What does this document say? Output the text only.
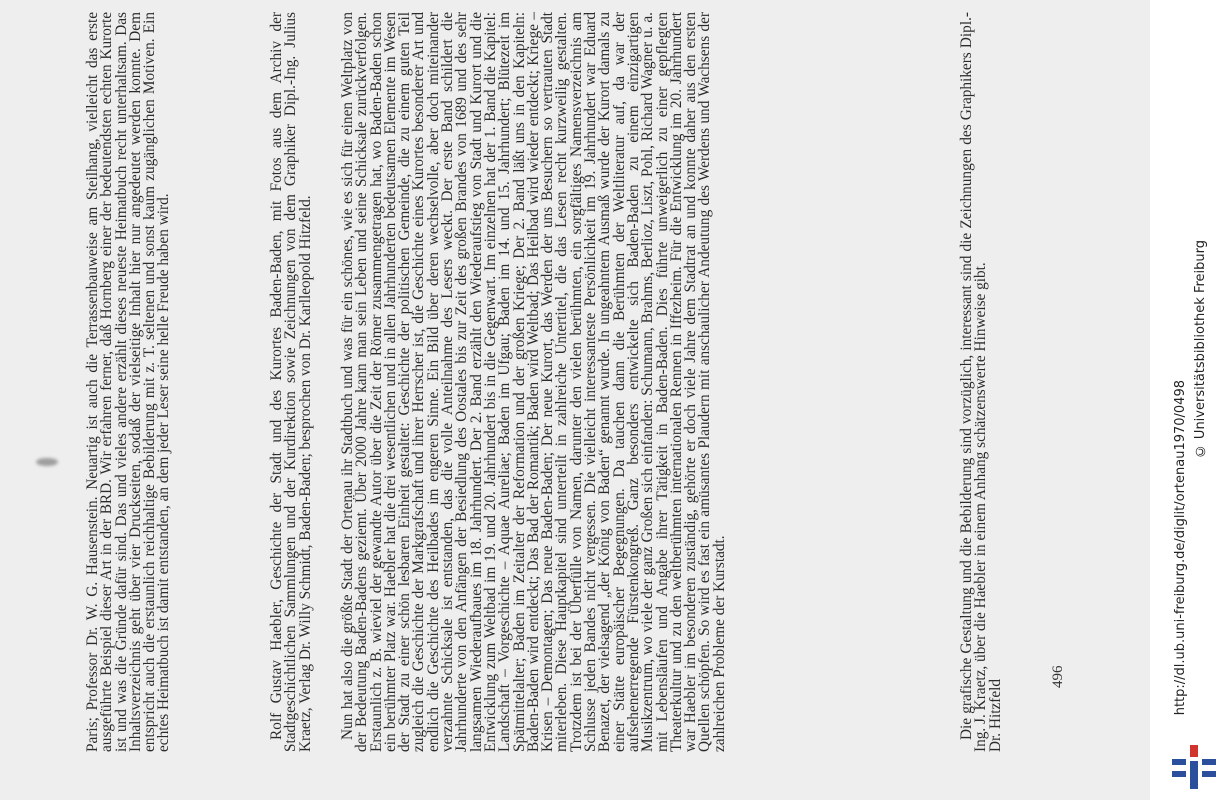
Paris; Professor Dr. W. G. Hausenstein. Neuartig ist auch die Terrassenbauweise am Steilhang, vielleicht das erste ausgeführte Beispiel dieser Art in der BRD. Wir erfahren ferner, daß Hornberg einer der bedeutendsten echten Kurorte ist und was die Gründe dafür sind. Das und vieles andere erzählt dieses neueste Heimatbuch recht unterhaltsam. Das Inhaltsverzeichnis geht über vier Druckseiten, sodaß der vielseitige Inhalt hier nur angedeutet werden konnte. Dem entspricht auch die erstaunlich reichhaltige Bebilderung mit z. T. seltenen und sonst kaum zugänglichen Motiven. Ein echtes Heimatbuch ist damit entstanden, an dem jeder Leser seine helle Freude haben wird.	Rolf Gustav Haebler, Geschichte der Stadt und des Kurortes Baden-Baden, mit Fotos aus dem Archiv der Stadtgeschichtlichen Sammlungen und der Kurdirektion sowie Zeichnungen von dem Graphiker Dipl.-Ing. Julius Kraetz, Verlag Dr. Willy Schmidt, Baden-Baden; besprochen von Dr. Karlleopold Hitzfeld. Nun hat also die größte Stadt der Ortenau ihr Stadtbuch und was für ein schönes, wie es sich für einen Weltplatz von der Bedeutung Baden-Badens geziemt. Über 2000 Jahre kann man sein Leben und seine Schicksale zurückverfolgen. Erstaunlich z. B. wieviel der gewandte Autor über die Zeit der Römer zusammengetragen hat, wo Baden-Baden schon ein berühmter Platz war. Haebler hat die drei wesentlichen und in allen Jahrhunderten bedeutsamen Elemente im Wesen der Stadt zu einer schön lesbaren Einheit gestaltet: Geschichte der politischen Gemeinde, die zu einem guten Teil zugleich die Geschichte der Markgrafschaft und ihrer Herrscher ist, die Geschichte eines Kurortes besonderer Art und endlich die Geschichte des Heilbades im engeren Sinne. Ein Bild über deren wechselvolle, aber doch miteinander verzahnte Schicksale ist entstanden, das die volle Anteilnahme des Lesers weckt. Der erste Band schildert die Jahrhunderte von den Anfängen der Besiedlung des Oostales bis zur Zeit des großen Brandes von 1689 und des sehr langsamen Wiederaufbaues im 18. Jahrhundert. Der 2. Band erzählt den Wiederaufstieg von Stadt und Kurort und die Entwicklung zum Weltbad im 19. und 20. Jahrhundert bis in die Gegenwart. Im einzelnen hat der 1. Band die Kapitel: Landschaft – Vorgeschichte – Aquae Aureliae; Baden im Ufgau; Baden im 14. und 15. Jahrhundert; Blütezeit im Spätmittelalter; Baden im Zeitalter der Reformation und der großen Kriege; Der 2. Band läßt uns in den Kapiteln: Baden-Baden wird entdeckt; Das Bad der Romantik; Baden wird Weltbad; Das Heilbad wird wieder entdeckt; Kriege – Krisen – Demontagen; Das neue Baden-Baden; Der neue Kurort, das Werden der uns Besuchern so vertrauten Stadt miterleben. Diese Hauptkapitel sind unterteilt in zahlreiche Untertitel, die das Lesen recht kurzweilig gestalten. Trotzdem ist bei der Überfülle von Namen, darunter den vielen berühmten, ein sorgfältiges Namensverzeichnis am Schlusse jeden Bandes nicht vergessen. Die vielleicht interessanteste Persönlichkeit im 19. Jahrhundert war Eduard Benazet, der vielsagend „der König von Baden“ genannt wurde. In ungeahntem Ausmaß wurde der Kurort damals zu einer Stätte europäischer Begegnungen. Da tauchen dann die Berühmten der Weltliteratur auf, da war der aufsehenerregende Fürstenkongreß. Ganz besonders entwickelte sich Baden-Baden zu einem einzigartigen Musikzentrum, wo viele der ganz Großen sich einfanden: Schumann, Brahms, Berlioz, Liszt, Pohl, Richard Wagner u. a. mit Lebensläufen und Angabe ihrer Tätigkeit in Baden-Baden. Dies führte unweigerlich zu einer gepflegten Theaterkultur und zu den weltberühmten internationalen Rennen in Iffezheim. Für die Entwicklung im 20. Jahrhundert war Haebler im besonderen zuständig, gehörte er doch viele Jahre dem Stadtrat an und konnte daher aus den ersten Quellen schöpfen. So wird es fast ein amüsantes Plaudern mit anschaulicher Andeutung des Werdens und Wachsens der zahlreichen Probleme der Kurstadt.	Die grafische Gestaltung und die Bebilderung sind vorzüglich, interessant sind die Zeichnungen des Graphikers Dipl.-Ing. J. Kraetz, über die Haebler in einem Anhang schätzenswerte Hinweise gibt.

Dr. Hitzfeld

496	http://dl.ub.uni-freiburg.de/diglit/ortenau1970/0498
© Universitätsbibliothek Freiburg
